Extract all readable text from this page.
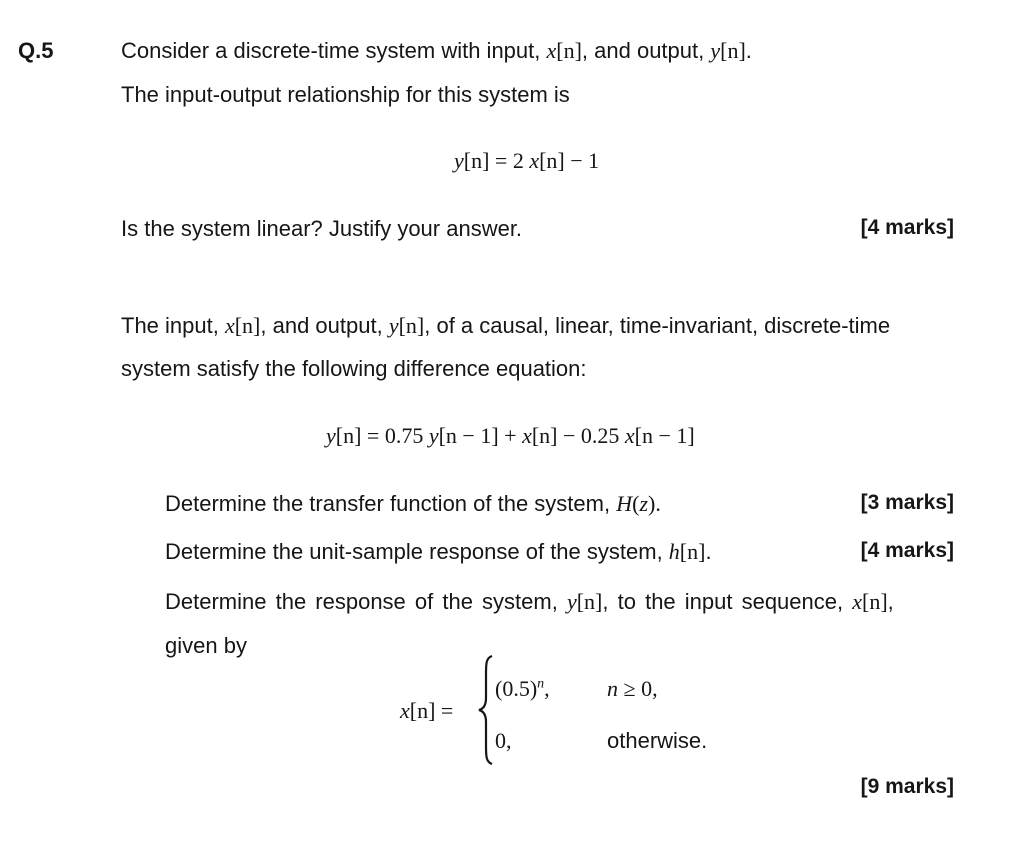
Q.5	Consider a discrete-time system with input, x[n], and output, y[n].
The input-output relationship for this system is
y[n] = 2 x[n] − 1
Is the system linear? Justify your answer.	[4 marks]
The input, x[n], and output, y[n], of a causal, linear, time-invariant, discrete-time
system satisfy the following difference equation:
y[n] = 0.75 y[n − 1] + x[n] − 0.25 x[n − 1]
Determine the transfer function of the system, H(z).	[3 marks]
Determine the unit-sample response of the system, h[n].	[4 marks]
Determine the response of the system, y[n], to the input sequence, x[n],
given by
x[n] =
$(0.5)^n$,	n ≥ 0,
0,	otherwise.
[9 marks]
